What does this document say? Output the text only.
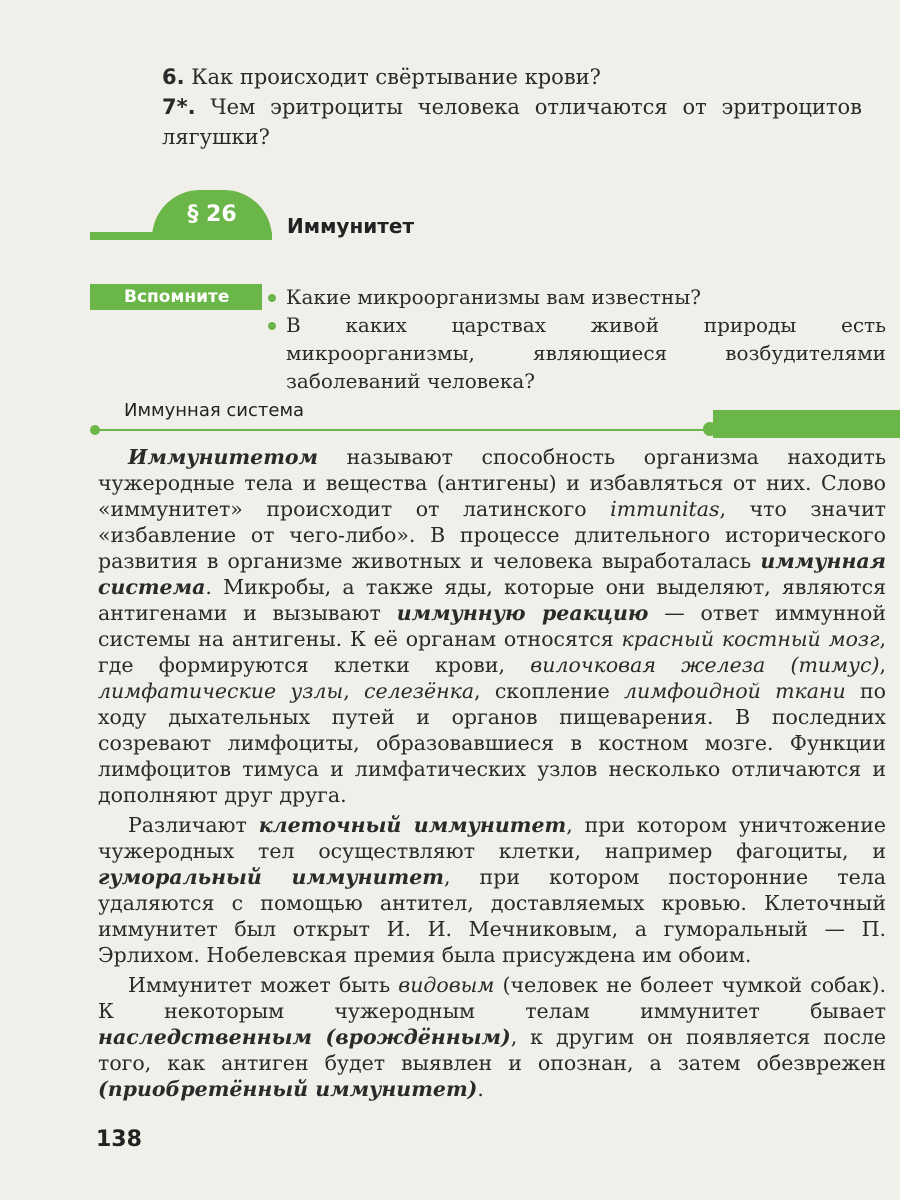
6. Как происходит свёртывание крови?
7*. Чем эритроциты человека отличаются от эритроцитов лягушки?
§ 26	Иммунитет
Вспомните	Какие микроорганизмы вам известны?
В каких царствах живой природы есть микроорганизмы, являющиеся возбудителями заболеваний человека?
Иммунная система

Иммунитетом называют способность организма находить чужеродные тела и вещества (антигены) и избавляться от них. Слово «иммунитет» происходит от латинского immunitas, что значит «избавление от чего-либо». В процессе длительного исторического развития в организме животных и человека выработалась иммунная система. Микробы, а также яды, которые они выделяют, являются антигенами и вызывают иммунную реакцию — ответ иммунной системы на антигены. К её органам относятся красный костный мозг, где формируются клетки крови, вилочковая железа (тимус), лимфатические узлы, селезёнка, скопление лимфоидной ткани по ходу дыхательных путей и органов пищеварения. В последних созревают лимфоциты, образовавшиеся в костном мозге. Функции лимфоцитов тимуса и лимфатических узлов несколько отличаются и дополняют друг друга.

Различают клеточный иммунитет, при котором уничтожение чужеродных тел осуществляют клетки, например фагоциты, и гуморальный иммунитет, при котором посторонние тела удаляются с помощью антител, доставляемых кровью. Клеточный иммунитет был открыт И. И. Мечниковым, а гуморальный — П. Эрлихом. Нобелевская премия была присуждена им обоим.

Иммунитет может быть видовым (человек не болеет чумкой собак). К некоторым чужеродным телам иммунитет бывает наследственным (врождённым), к другим он появляется после того, как антиген будет выявлен и опознан, а затем обезврежен (приобретённый иммунитет).

138
